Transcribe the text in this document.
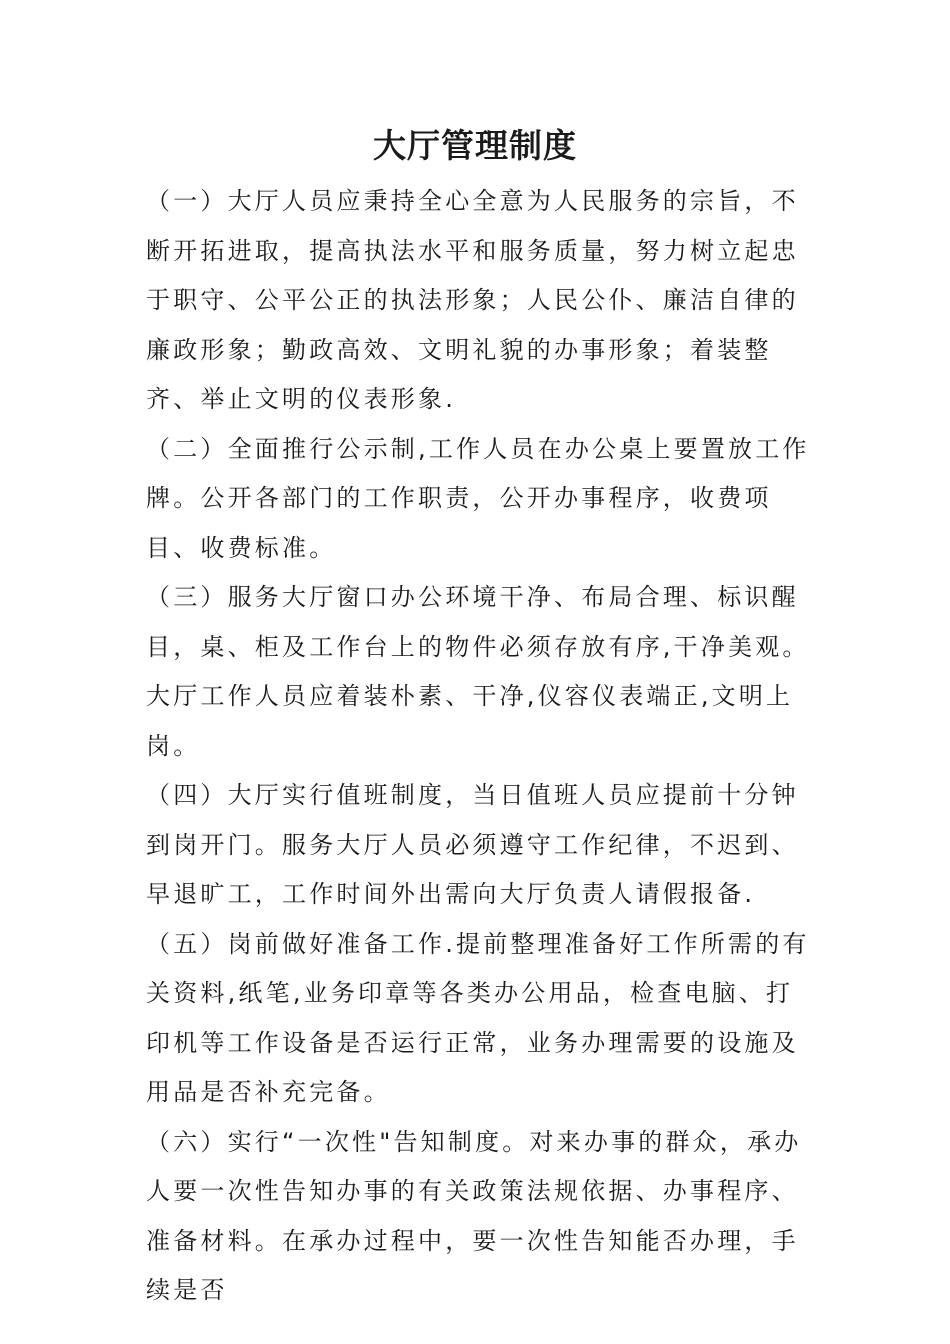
大厅管理制度

（一）大厅人员应秉持全心全意为人民服务的宗旨，不断开拓进取，提高执法水平和服务质量，努力树立起忠于职守、公平公正的执法形象；人民公仆、廉洁自律的廉政形象；勤政高效、文明礼貌的办事形象；着装整齐、举止文明的仪表形象.

（二）全面推行公示制,工作人员在办公桌上要置放工作牌。公开各部门的工作职责，公开办事程序，收费项目、收费标准。

（三）服务大厅窗口办公环境干净、布局合理、标识醒目，桌、柜及工作台上的物件必须存放有序,干净美观。大厅工作人员应着装朴素、干净,仪容仪表端正,文明上岗。

（四）大厅实行值班制度，当日值班人员应提前十分钟到岗开门。服务大厅人员必须遵守工作纪律，不迟到、早退旷工，工作时间外出需向大厅负责人请假报备.

（五）岗前做好准备工作.提前整理准备好工作所需的有关资料,纸笔,业务印章等各类办公用品，检查电脑、打印机等工作设备是否运行正常，业务办理需要的设施及用品是否补充完备。

（六）实行“一次性"告知制度。对来办事的群众，承办人要一次性告知办事的有关政策法规依据、办事程序、准备材料。在承办过程中，要一次性告知能否办理，手续是否
